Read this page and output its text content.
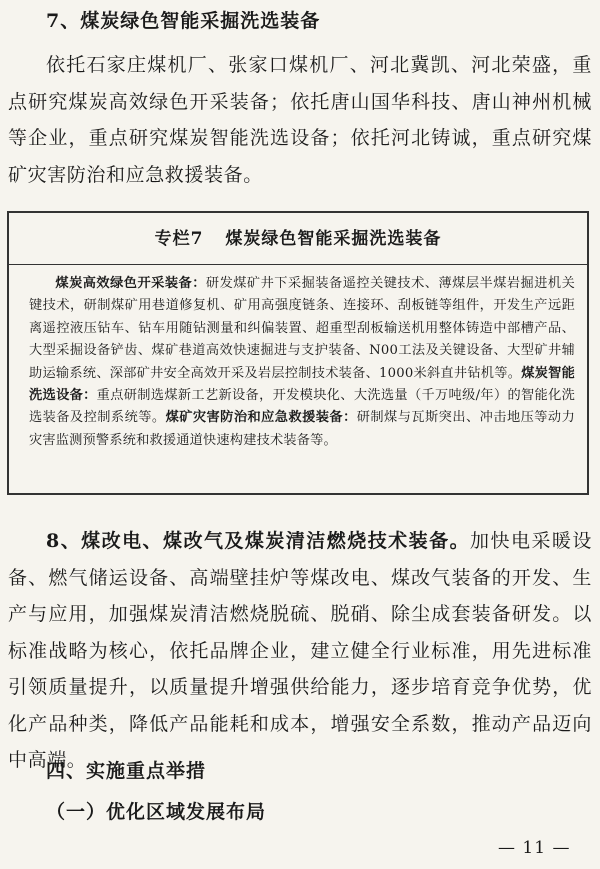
7、煤炭绿色智能采掘洗选装备

依托石家庄煤机厂、张家口煤机厂、河北冀凯、河北荣盛，重点研究煤炭高效绿色开采装备；依托唐山国华科技、唐山神州机械等企业，重点研究煤炭智能洗选设备；依托河北铸诚，重点研究煤矿灾害防治和应急救援装备。

专栏7 煤炭绿色智能采掘洗选装备

煤炭高效绿色开采装备：研发煤矿井下采掘装备遥控关键技术、薄煤层半煤岩掘进机关键技术，研制煤矿用巷道修复机、矿用高强度链条、连接环、刮板链等组件，开发生产远距离遥控液压钻车、钻车用随钻测量和纠偏装置、超重型刮板输送机用整体铸造中部槽产品、大型采掘设备铲齿、煤矿巷道高效快速掘进与支护装备、N00工法及关键设备、大型矿井辅助运输系统、深部矿井安全高效开采及岩层控制技术装备、1000米斜直井钻机等。煤炭智能洗选设备：重点研制选煤新工艺新设备，开发模块化、大洗选量（千万吨级/年）的智能化洗选装备及控制系统等。煤矿灾害防治和应急救援装备：研制煤与瓦斯突出、冲击地压等动力灾害监测预警系统和救援通道快速构建技术装备等。

8、煤改电、煤改气及煤炭清洁燃烧技术装备。加快电采暖设备、燃气储运设备、高端壁挂炉等煤改电、煤改气装备的开发、生产与应用，加强煤炭清洁燃烧脱硫、脱硝、除尘成套装备研发。以标准战略为核心，依托品牌企业，建立健全行业标准，用先进标准引领质量提升，以质量提升增强供给能力，逐步培育竞争优势，优化产品种类，降低产品能耗和成本，增强安全系数，推动产品迈向中高端。

四、实施重点举措

（一）优化区域发展布局

— 11 —
